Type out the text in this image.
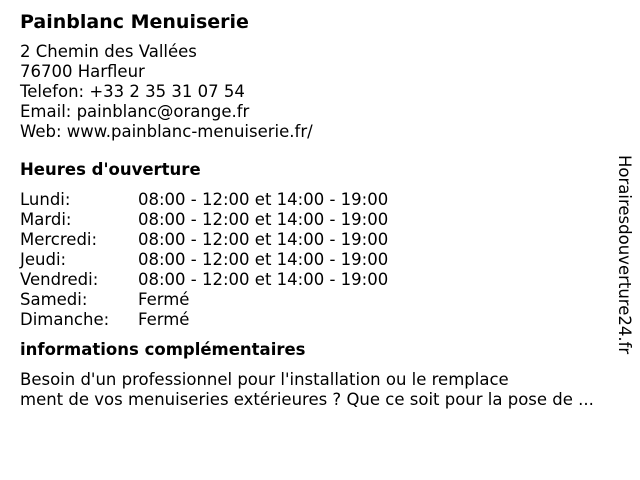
Painblanc Menuiserie
2 Chemin des Vallées
76700 Harfleur
Telefon: +33 2 35 31 07 54
Email: painblanc@orange.fr
Web: www.painblanc-menuiserie.fr/
Heures d'ouverture
Lundi:	08:00 - 12:00 et 14:00 - 19:00
Mardi:	08:00 - 12:00 et 14:00 - 19:00
Mercredi:	08:00 - 12:00 et 14:00 - 19:00
Jeudi:	08:00 - 12:00 et 14:00 - 19:00
Vendredi:	08:00 - 12:00 et 14:00 - 19:00
Samedi:	Fermé
Dimanche:	Fermé
informations complémentaires
Besoin d'un professionnel pour l'installation ou le remplace
ment de vos menuiseries extérieures ? Que ce soit pour la pose de ...
Horairesdouverture24.fr
